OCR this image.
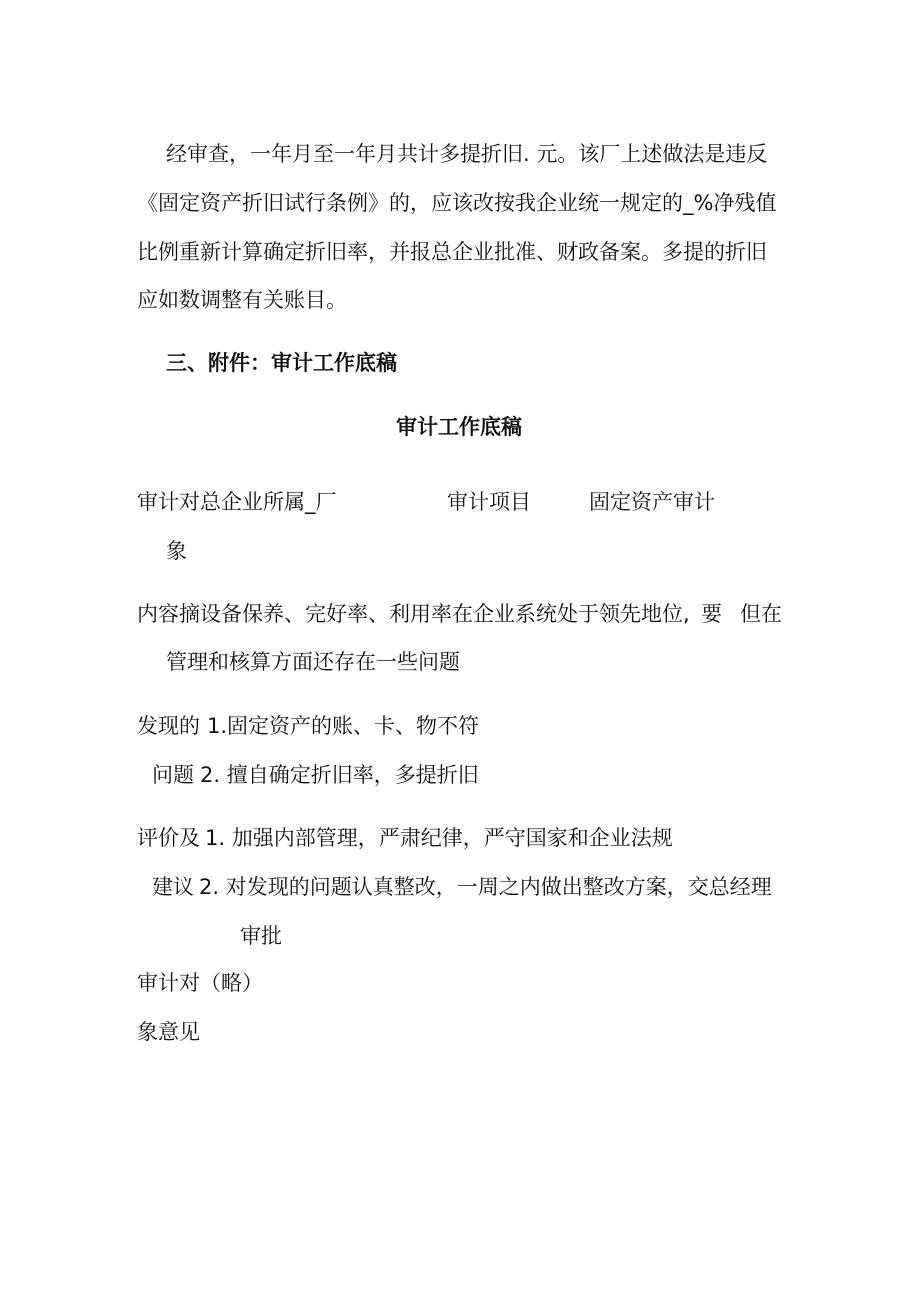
经审查，一年月至一年月共计多提折旧. 元。该厂上述做法是违反
《固定资产折旧试行条例》的，应该改按我企业统一规定的_%净残值
比例重新计算确定折旧率，并报总企业批准、财政备案。多提的折旧
应如数调整有关账目。
三、附件：审计工作底稿
审计工作底稿
审计对 总企业所属_厂	审计项目	固定资产审计
象
内容摘 设备保养、完好率、利用率在企业系统处于领先地位, 要 但在
管理和核算方面还存在一些问题
发现的 1.固定资产的账、卡、物不符
问题 2. 擅自确定折旧率，多提折旧
评价及 1. 加强内部管理，严肃纪律，严守国家和企业法规
建议 2. 对发现的问题认真整改，一周之内做出整改方案，交总经理
审批
审计对 （略）
象意见
